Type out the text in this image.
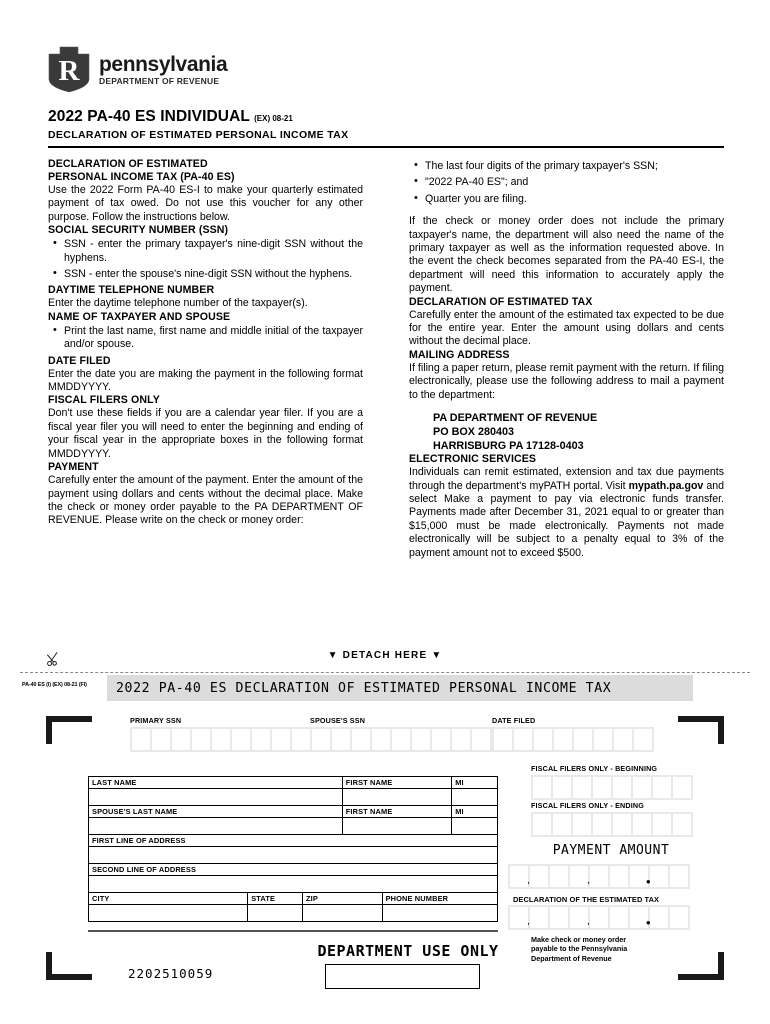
R pennsylvania
DEPARTMENT OF REVENUE
2022 PA-40 ES INDIVIDUAL (EX) 08-21
DECLARATION OF ESTIMATED PERSONAL INCOME TAX
DECLARATION OF ESTIMATED
PERSONAL INCOME TAX (PA-40 ES)

Use the 2022 Form PA-40 ES-I to make your quarterly estimated payment of tax owed. Do not use this voucher for any other purpose. Follow the instructions below.

SOCIAL SECURITY NUMBER (SSN)
• SSN - enter the primary taxpayer's nine-digit SSN without the hyphens.
• SSN - enter the spouse's nine-digit SSN without the hyphens.
DAYTIME TELEPHONE NUMBER

Enter the daytime telephone number of the taxpayer(s).

NAME OF TAXPAYER AND SPOUSE
• Print the last name, first name and middle initial of the taxpayer and/or spouse.
DATE FILED

Enter the date you are making the payment in the following format MMDDYYYY.

FISCAL FILERS ONLY

Don't use these fields if you are a calendar year filer. If you are a fiscal year filer you will need to enter the beginning and ending of your fiscal year in the appropriate boxes in the following format MMDDYYYY.

PAYMENT

Carefully enter the amount of the payment. Enter the amount of the payment using dollars and cents without the decimal place. Make the check or money order payable to the PA DEPARTMENT OF REVENUE. Please write on the check or money order:

• The last four digits of the primary taxpayer's SSN;
• "2022 PA-40 ES"; and
• Quarter you are filing.

If the check or money order does not include the primary taxpayer's name, the department will also need the name of the primary taxpayer as well as the information requested above. In the event the check becomes separated from the PA-40 ES-I, the department will need this information to accurately apply the payment.

DECLARATION OF ESTIMATED TAX

Carefully enter the amount of the estimated tax expected to be due for the entire year. Enter the amount using dollars and cents without the decimal place.

MAILING ADDRESS

If filing a paper return, please remit payment with the return. If filing electronically, please use the following address to mail a payment to the department:

PA DEPARTMENT OF REVENUE
PO BOX 280403
HARRISBURG PA 17128-0403
ELECTRONIC SERVICES

Individuals can remit estimated, extension and tax due payments through the department's myPATH portal. Visit mypath.pa.gov and select Make a payment to pay via electronic funds transfer. Payments made after December 31, 2021 equal to or greater than $15,000 must be made electronically. Payments not made electronically will be subject to a penalty equal to 3% of the payment amount not to exceed $500.

▼ DETACH HERE ▼
PA-40 ES (I) (EX) 08-21 (FI)	2022 PA-40 ES DECLARATION OF ESTIMATED PERSONAL INCOME TAX
PRIMARY SSN	SPOUSE'S SSN	DATE FILED
LAST NAME	FIRST NAME	MI
SPOUSE'S LAST NAME	FIRST NAME	MI
FIRST LINE OF ADDRESS
SECOND LINE OF ADDRESS
CITY	STATE	ZIP	PHONE NUMBER
FISCAL FILERS ONLY - BEGINNING
FISCAL FILERS ONLY - ENDING
PAYMENT AMOUNT
,	,	•
DECLARATION OF THE ESTIMATED TAX
,	,	•
Make check or money order
payable to the Pennsylvania
Department of Revenue
DEPARTMENT USE ONLY
2202510059
